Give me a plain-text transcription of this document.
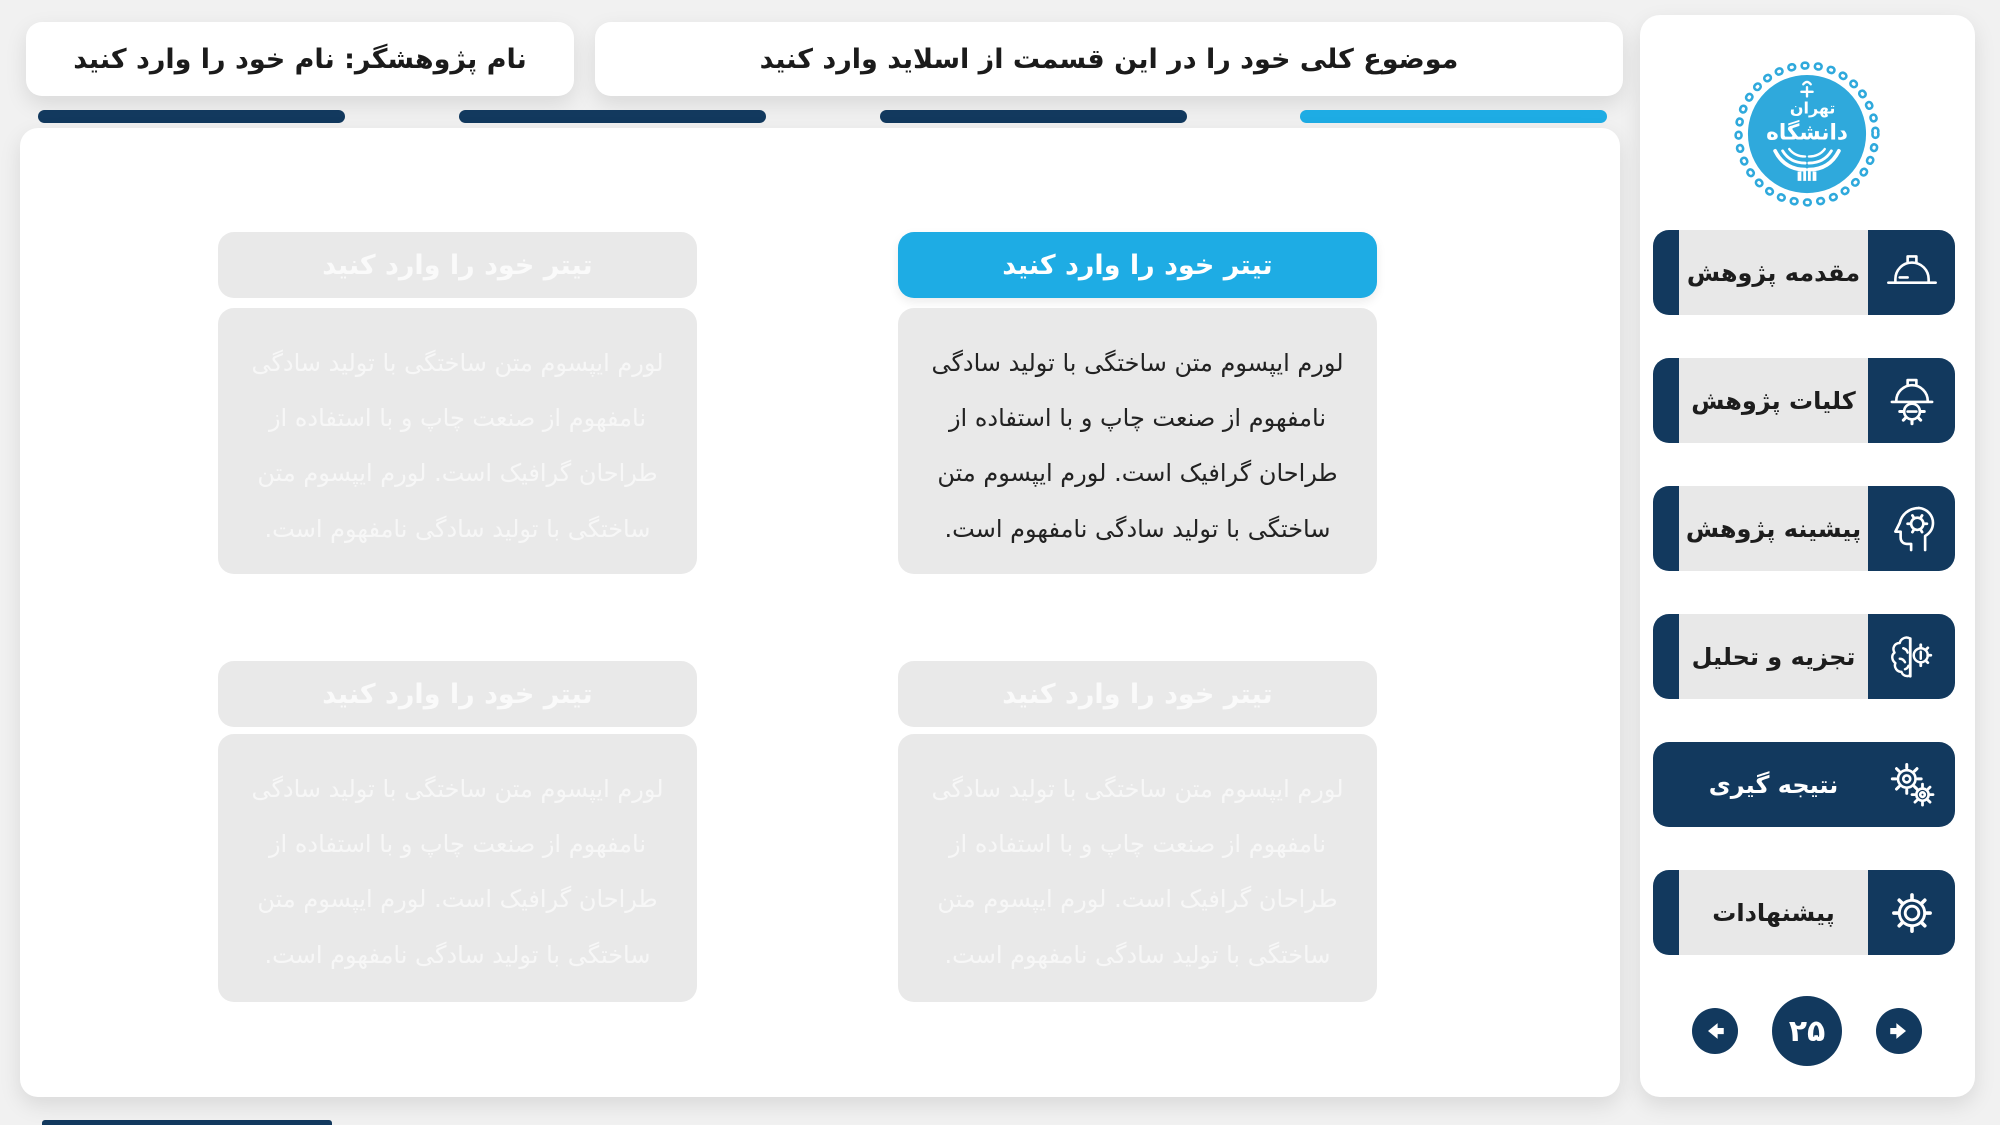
نام پژوهشگر: نام خود را وارد کنید	موضوع کلی خود را در این قسمت از اسلاید وارد کنید
تیتر خود را وارد کنید
لورم ایپسوم متن ساختگی با تولید سادگی نامفهوم از صنعت چاپ و با استفاده از طراحان گرافیک است. لورم ایپسوم متن ساختگی با تولید سادگی نامفهوم است.
تیتر خود را وارد کنید
لورم ایپسوم متن ساختگی با تولید سادگی نامفهوم از صنعت چاپ و با استفاده از طراحان گرافیک است. لورم ایپسوم متن ساختگی با تولید سادگی نامفهوم است.
تیتر خود را وارد کنید
لورم ایپسوم متن ساختگی با تولید سادگی نامفهوم از صنعت چاپ و با استفاده از طراحان گرافیک است. لورم ایپسوم متن ساختگی با تولید سادگی نامفهوم است.
تیتر خود را وارد کنید
لورم ایپسوم متن ساختگی با تولید سادگی نامفهوم از صنعت چاپ و با استفاده از طراحان گرافیک است. لورم ایپسوم متن ساختگی با تولید سادگی نامفهوم است.
تهران
دانشگاه
مقدمه پژوهش
کلیات پژوهش
پیشینه پژوهش
تجزیه و تحلیل
نتیجه گیری
پیشنهادات
۲۵
